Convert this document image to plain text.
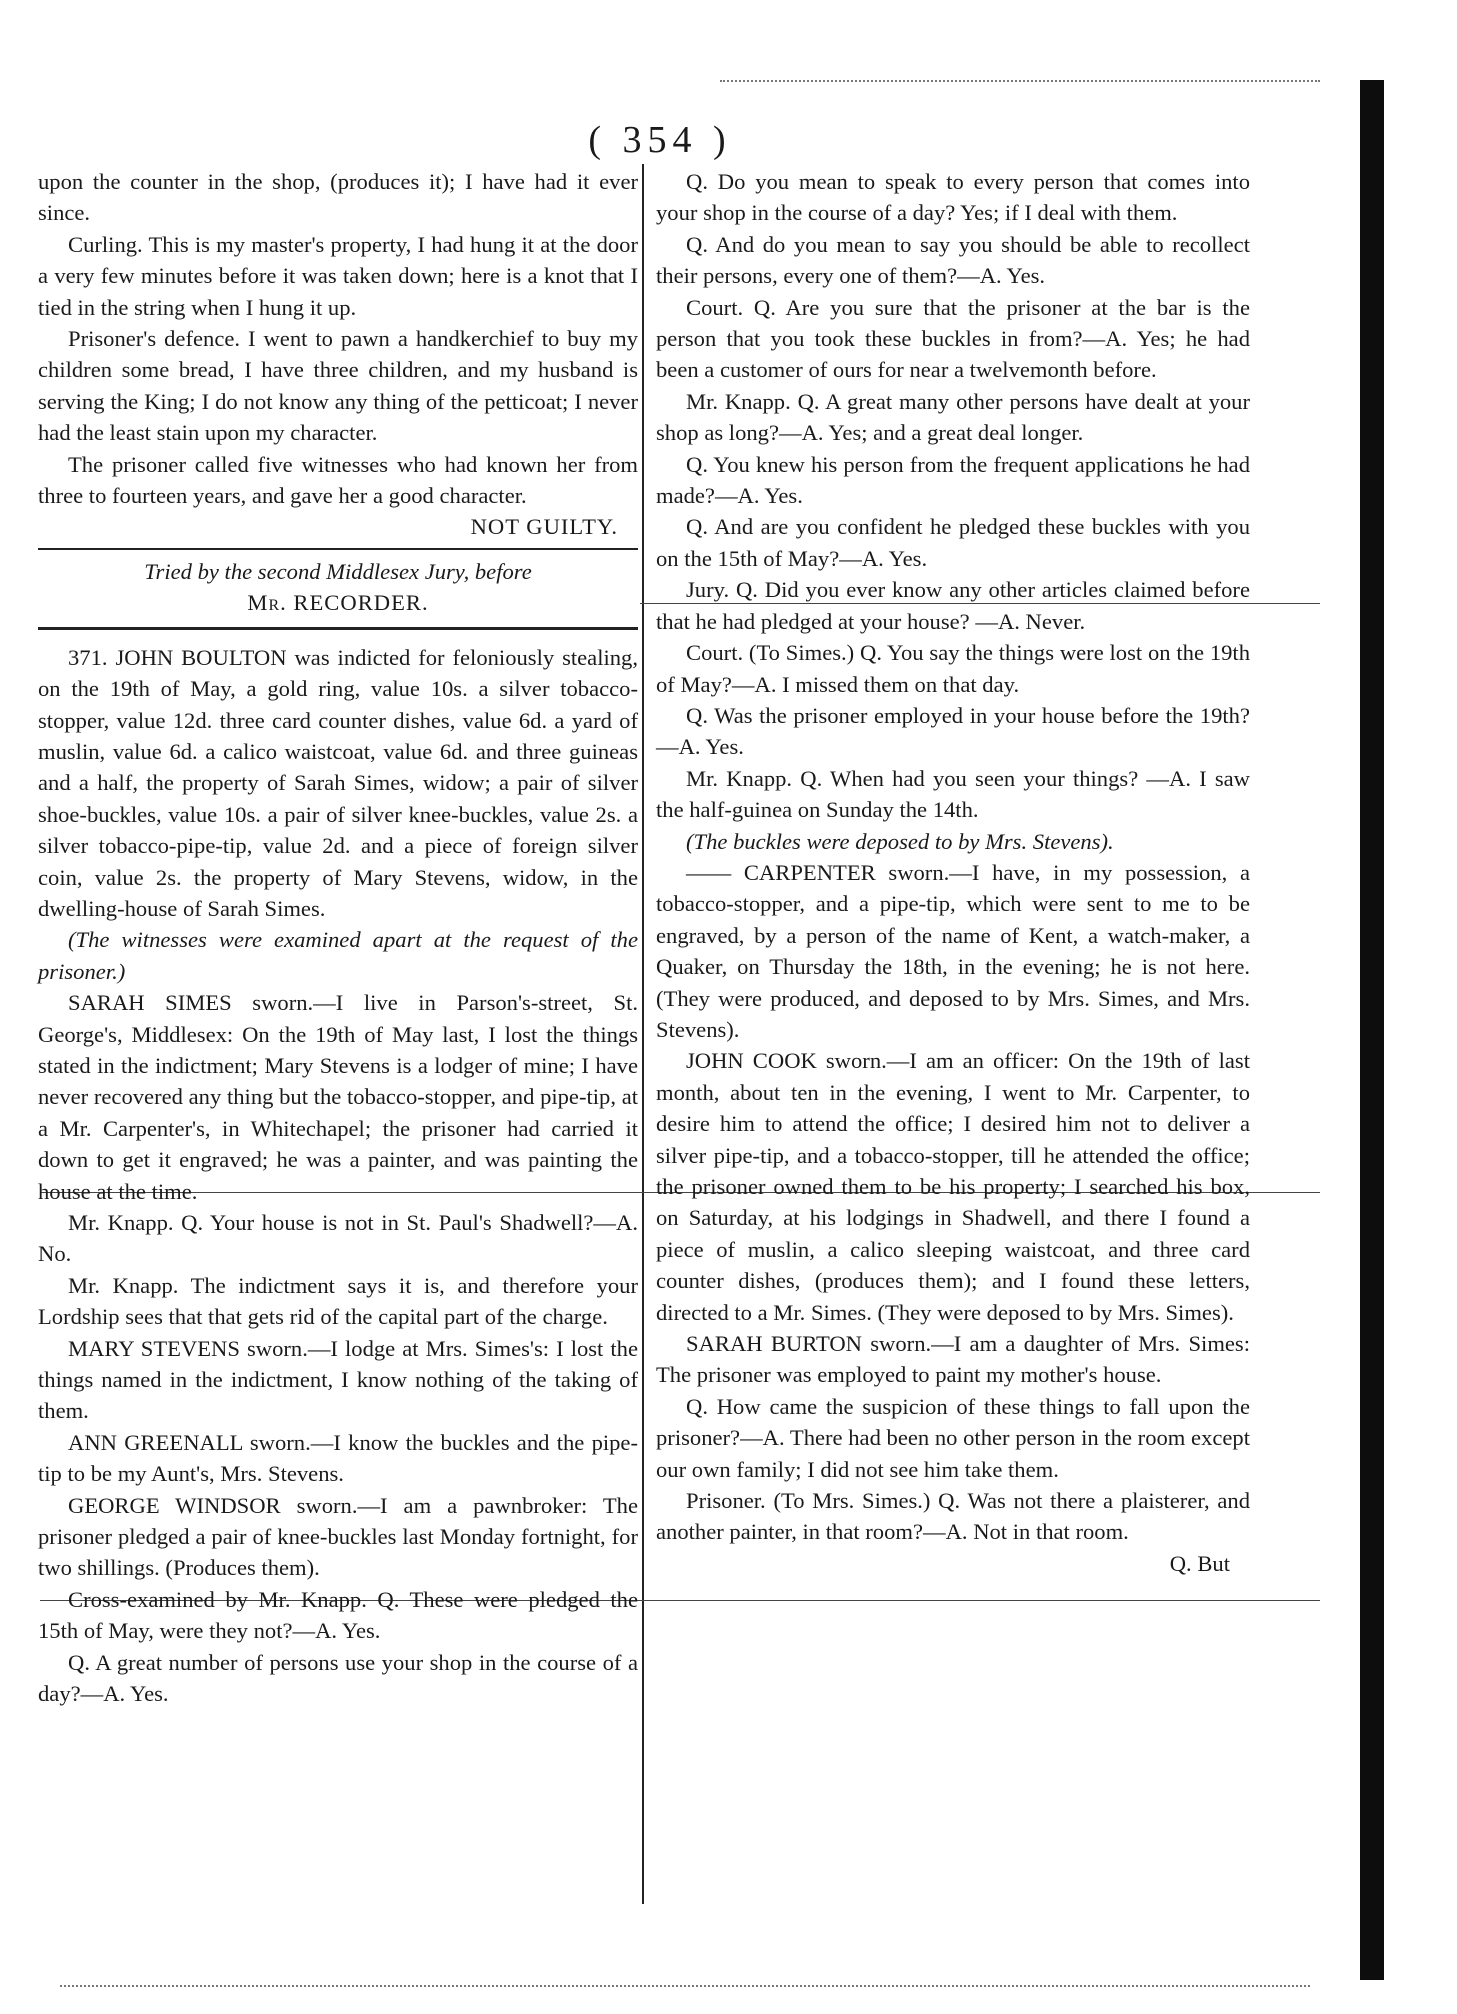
( 354 )

upon the counter in the shop, (produces it); I have had it ever since.

Curling. This is my master's property, I had hung it at the door a very few minutes before it was taken down; here is a knot that I tied in the string when I hung it up.

Prisoner's defence. I went to pawn a handkerchief to buy my children some bread, I have three children, and my husband is serving the King; I do not know any thing of the petticoat; I never had the least stain upon my character.

The prisoner called five witnesses who had known her from three to fourteen years, and gave her a good character.

NOT GUILTY.

Tried by the second Middlesex Jury, before

Mr. RECORDER.

371. JOHN BOULTON was indicted for feloniously stealing, on the 19th of May, a gold ring, value 10s. a silver tobacco-stopper, value 12d. three card counter dishes, value 6d. a yard of muslin, value 6d. a calico waistcoat, value 6d. and three guineas and a half, the property of Sarah Simes, widow; a pair of silver shoe-buckles, value 10s. a pair of silver knee-buckles, value 2s. a silver tobacco-pipe-tip, value 2d. and a piece of foreign silver coin, value 2s. the property of Mary Stevens, widow, in the dwelling-house of Sarah Simes.

(The witnesses were examined apart at the request of the prisoner.)

SARAH SIMES sworn.—I live in Parson's-street, St. George's, Middlesex: On the 19th of May last, I lost the things stated in the indictment; Mary Stevens is a lodger of mine; I have never recovered any thing but the tobacco-stopper, and pipe-tip, at a Mr. Carpenter's, in Whitechapel; the prisoner had carried it down to get it engraved; he was a painter, and was painting the house at the time.

Mr. Knapp. Q. Your house is not in St. Paul's Shadwell?—A. No.

Mr. Knapp. The indictment says it is, and therefore your Lordship sees that that gets rid of the capital part of the charge.

MARY STEVENS sworn.—I lodge at Mrs. Simes's: I lost the things named in the indictment, I know nothing of the taking of them.

ANN GREENALL sworn.—I know the buckles and the pipe-tip to be my Aunt's, Mrs. Stevens.

GEORGE WINDSOR sworn.—I am a pawnbroker: The prisoner pledged a pair of knee-buckles last Monday fortnight, for two shillings. (Produces them).

Cross-examined by Mr. Knapp. Q. These were pledged the 15th of May, were they not?—A. Yes.

Q. A great number of persons use your shop in the course of a day?—A. Yes.

Q. Do you mean to speak to every person that comes into your shop in the course of a day? Yes; if I deal with them.

Q. And do you mean to say you should be able to recollect their persons, every one of them?—A. Yes.

Court. Q. Are you sure that the prisoner at the bar is the person that you took these buckles in from?—A. Yes; he had been a customer of ours for near a twelvemonth before.

Mr. Knapp. Q. A great many other persons have dealt at your shop as long?—A. Yes; and a great deal longer.

Q. You knew his person from the frequent applications he had made?—A. Yes.

Q. And are you confident he pledged these buckles with you on the 15th of May?—A. Yes.

Jury. Q. Did you ever know any other articles claimed before that he had pledged at your house? —A. Never.

Court. (To Simes.) Q. You say the things were lost on the 19th of May?—A. I missed them on that day.

Q. Was the prisoner employed in your house before the 19th?—A. Yes.

Mr. Knapp. Q. When had you seen your things? —A. I saw the half-guinea on Sunday the 14th.

(The buckles were deposed to by Mrs. Stevens).

—— CARPENTER sworn.—I have, in my possession, a tobacco-stopper, and a pipe-tip, which were sent to me to be engraved, by a person of the name of Kent, a watch-maker, a Quaker, on Thursday the 18th, in the evening; he is not here. (They were produced, and deposed to by Mrs. Simes, and Mrs. Stevens).

JOHN COOK sworn.—I am an officer: On the 19th of last month, about ten in the evening, I went to Mr. Carpenter, to desire him to attend the office; I desired him not to deliver a silver pipe-tip, and a tobacco-stopper, till he attended the office; the prisoner owned them to be his property; I searched his box, on Saturday, at his lodgings in Shadwell, and there I found a piece of muslin, a calico sleeping waistcoat, and three card counter dishes, (produces them); and I found these letters, directed to a Mr. Simes. (They were deposed to by Mrs. Simes).

SARAH BURTON sworn.—I am a daughter of Mrs. Simes: The prisoner was employed to paint my mother's house.

Q. How came the suspicion of these things to fall upon the prisoner?—A. There had been no other person in the room except our own family; I did not see him take them.

Prisoner. (To Mrs. Simes.) Q. Was not there a plaisterer, and another painter, in that room?—A. Not in that room.

Q. But
